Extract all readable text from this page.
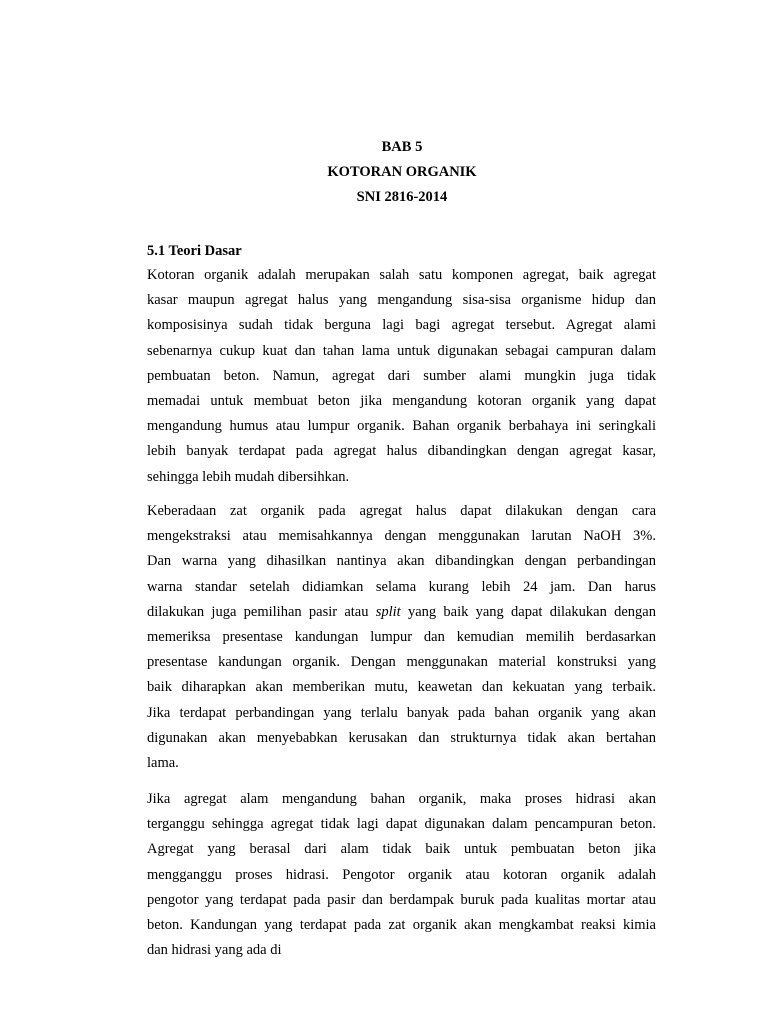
BAB 5
KOTORAN ORGANIK
SNI 2816-2014
5.1 Teori Dasar
Kotoran organik adalah merupakan salah satu komponen agregat, baik agregat
kasar maupun agregat halus yang mengandung sisa-sisa organisme hidup dan
komposisinya sudah tidak berguna lagi bagi agregat tersebut. Agregat alami
sebenarnya cukup kuat dan tahan lama untuk digunakan sebagai campuran dalam
pembuatan beton. Namun, agregat dari sumber alami mungkin juga tidak
memadai untuk membuat beton jika mengandung kotoran organik yang dapat
mengandung humus atau lumpur organik. Bahan organik berbahaya ini seringkali
lebih banyak terdapat pada agregat halus dibandingkan dengan agregat kasar,
sehingga lebih mudah dibersihkan.
Keberadaan zat organik pada agregat halus dapat dilakukan dengan cara
mengekstraksi atau memisahkannya dengan menggunakan larutan NaOH 3%.
Dan warna yang dihasilkan nantinya akan dibandingkan dengan perbandingan
warna standar setelah didiamkan selama kurang lebih 24 jam. Dan harus
dilakukan juga pemilihan pasir atau split yang baik yang dapat dilakukan dengan
memeriksa presentase kandungan lumpur dan kemudian memilih berdasarkan
presentase kandungan organik. Dengan menggunakan material konstruksi yang
baik diharapkan akan memberikan mutu, keawetan dan kekuatan yang terbaik.
Jika terdapat perbandingan yang terlalu banyak pada bahan organik yang akan
digunakan akan menyebabkan kerusakan dan strukturnya tidak akan bertahan
lama.
Jika agregat alam mengandung bahan organik, maka proses hidrasi akan
terganggu sehingga agregat tidak lagi dapat digunakan dalam pencampuran beton.
Agregat yang berasal dari alam tidak baik untuk pembuatan beton jika
mengganggu proses hidrasi. Pengotor organik atau kotoran organik adalah
pengotor yang terdapat pada pasir dan berdampak buruk pada kualitas mortar atau
beton. Kandungan yang terdapat pada zat organik akan mengkambat reaksi kimia
dan hidrasi yang ada di
